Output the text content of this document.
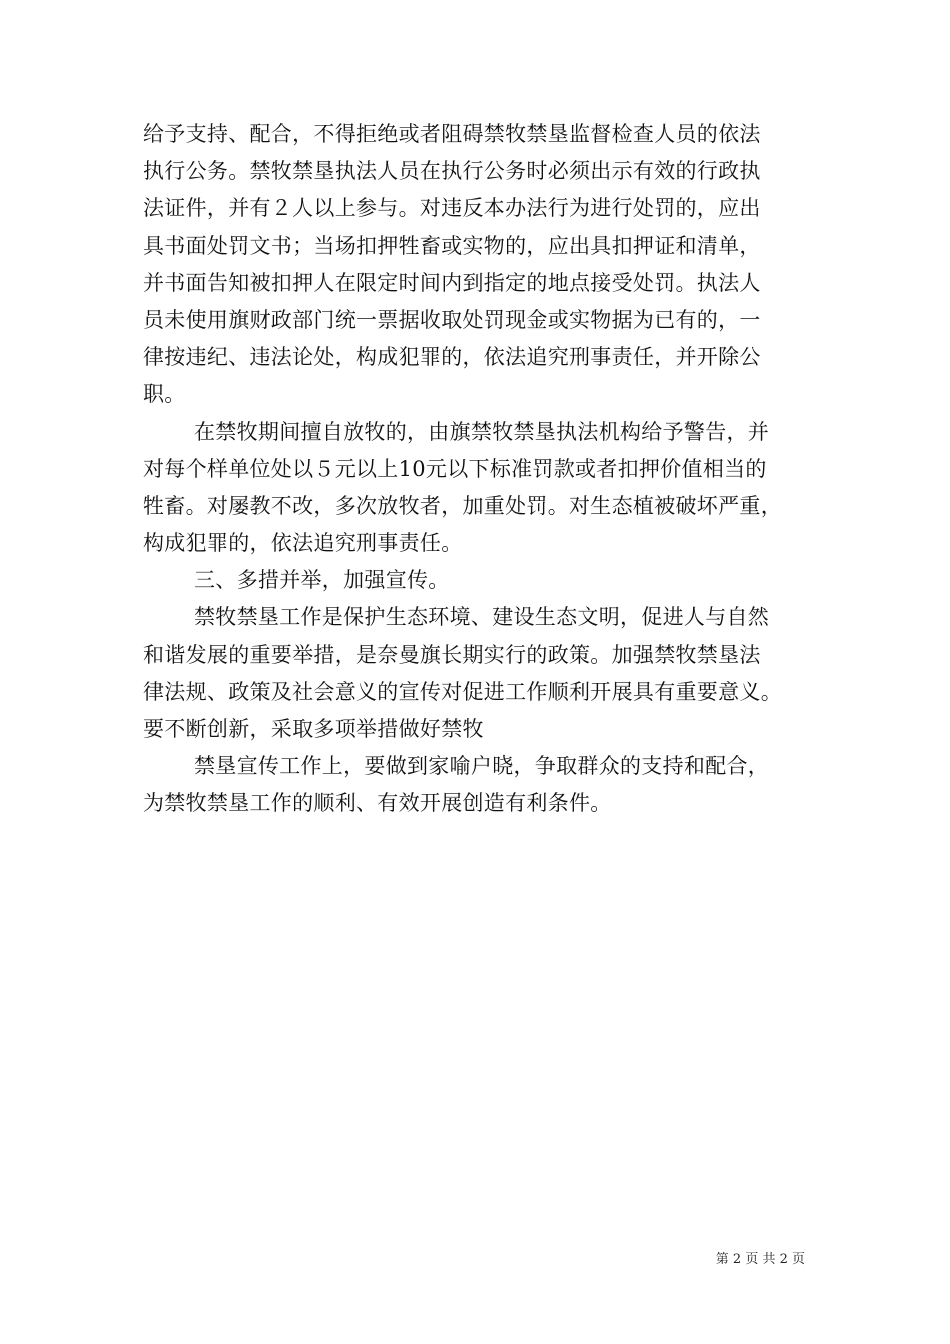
给予支持、配合，不得拒绝或者阻碍禁牧禁垦监督检查人员的依法
执行公务。禁牧禁垦执法人员在执行公务时必须出示有效的行政执
法证件，并有２人以上参与。对违反本办法行为进行处罚的，应出
具书面处罚文书；当场扣押牲畜或实物的，应出具扣押证和清单，
并书面告知被扣押人在限定时间内到指定的地点接受处罚。执法人
员未使用旗财政部门统一票据收取处罚现金或实物据为已有的，一
律按违纪、违法论处，构成犯罪的，依法追究刑事责任，并开除公
职。
在禁牧期间擅自放牧的，由旗禁牧禁垦执法机构给予警告，并
对每个样单位处以５元以上10元以下标准罚款或者扣押价值相当的
牲畜。对屡教不改，多次放牧者，加重处罚。对生态植被破坏严重，
构成犯罪的，依法追究刑事责任。
三、多措并举，加强宣传。
禁牧禁垦工作是保护生态环境、建设生态文明，促进人与自然
和谐发展的重要举措，是奈曼旗长期实行的政策。加强禁牧禁垦法
律法规、政策及社会意义的宣传对促进工作顺利开展具有重要意义。
要不断创新，采取多项举措做好禁牧
禁垦宣传工作上，要做到家喻户晓，争取群众的支持和配合，
为禁牧禁垦工作的顺利、有效开展创造有利条件。
第 2 页 共 2 页
